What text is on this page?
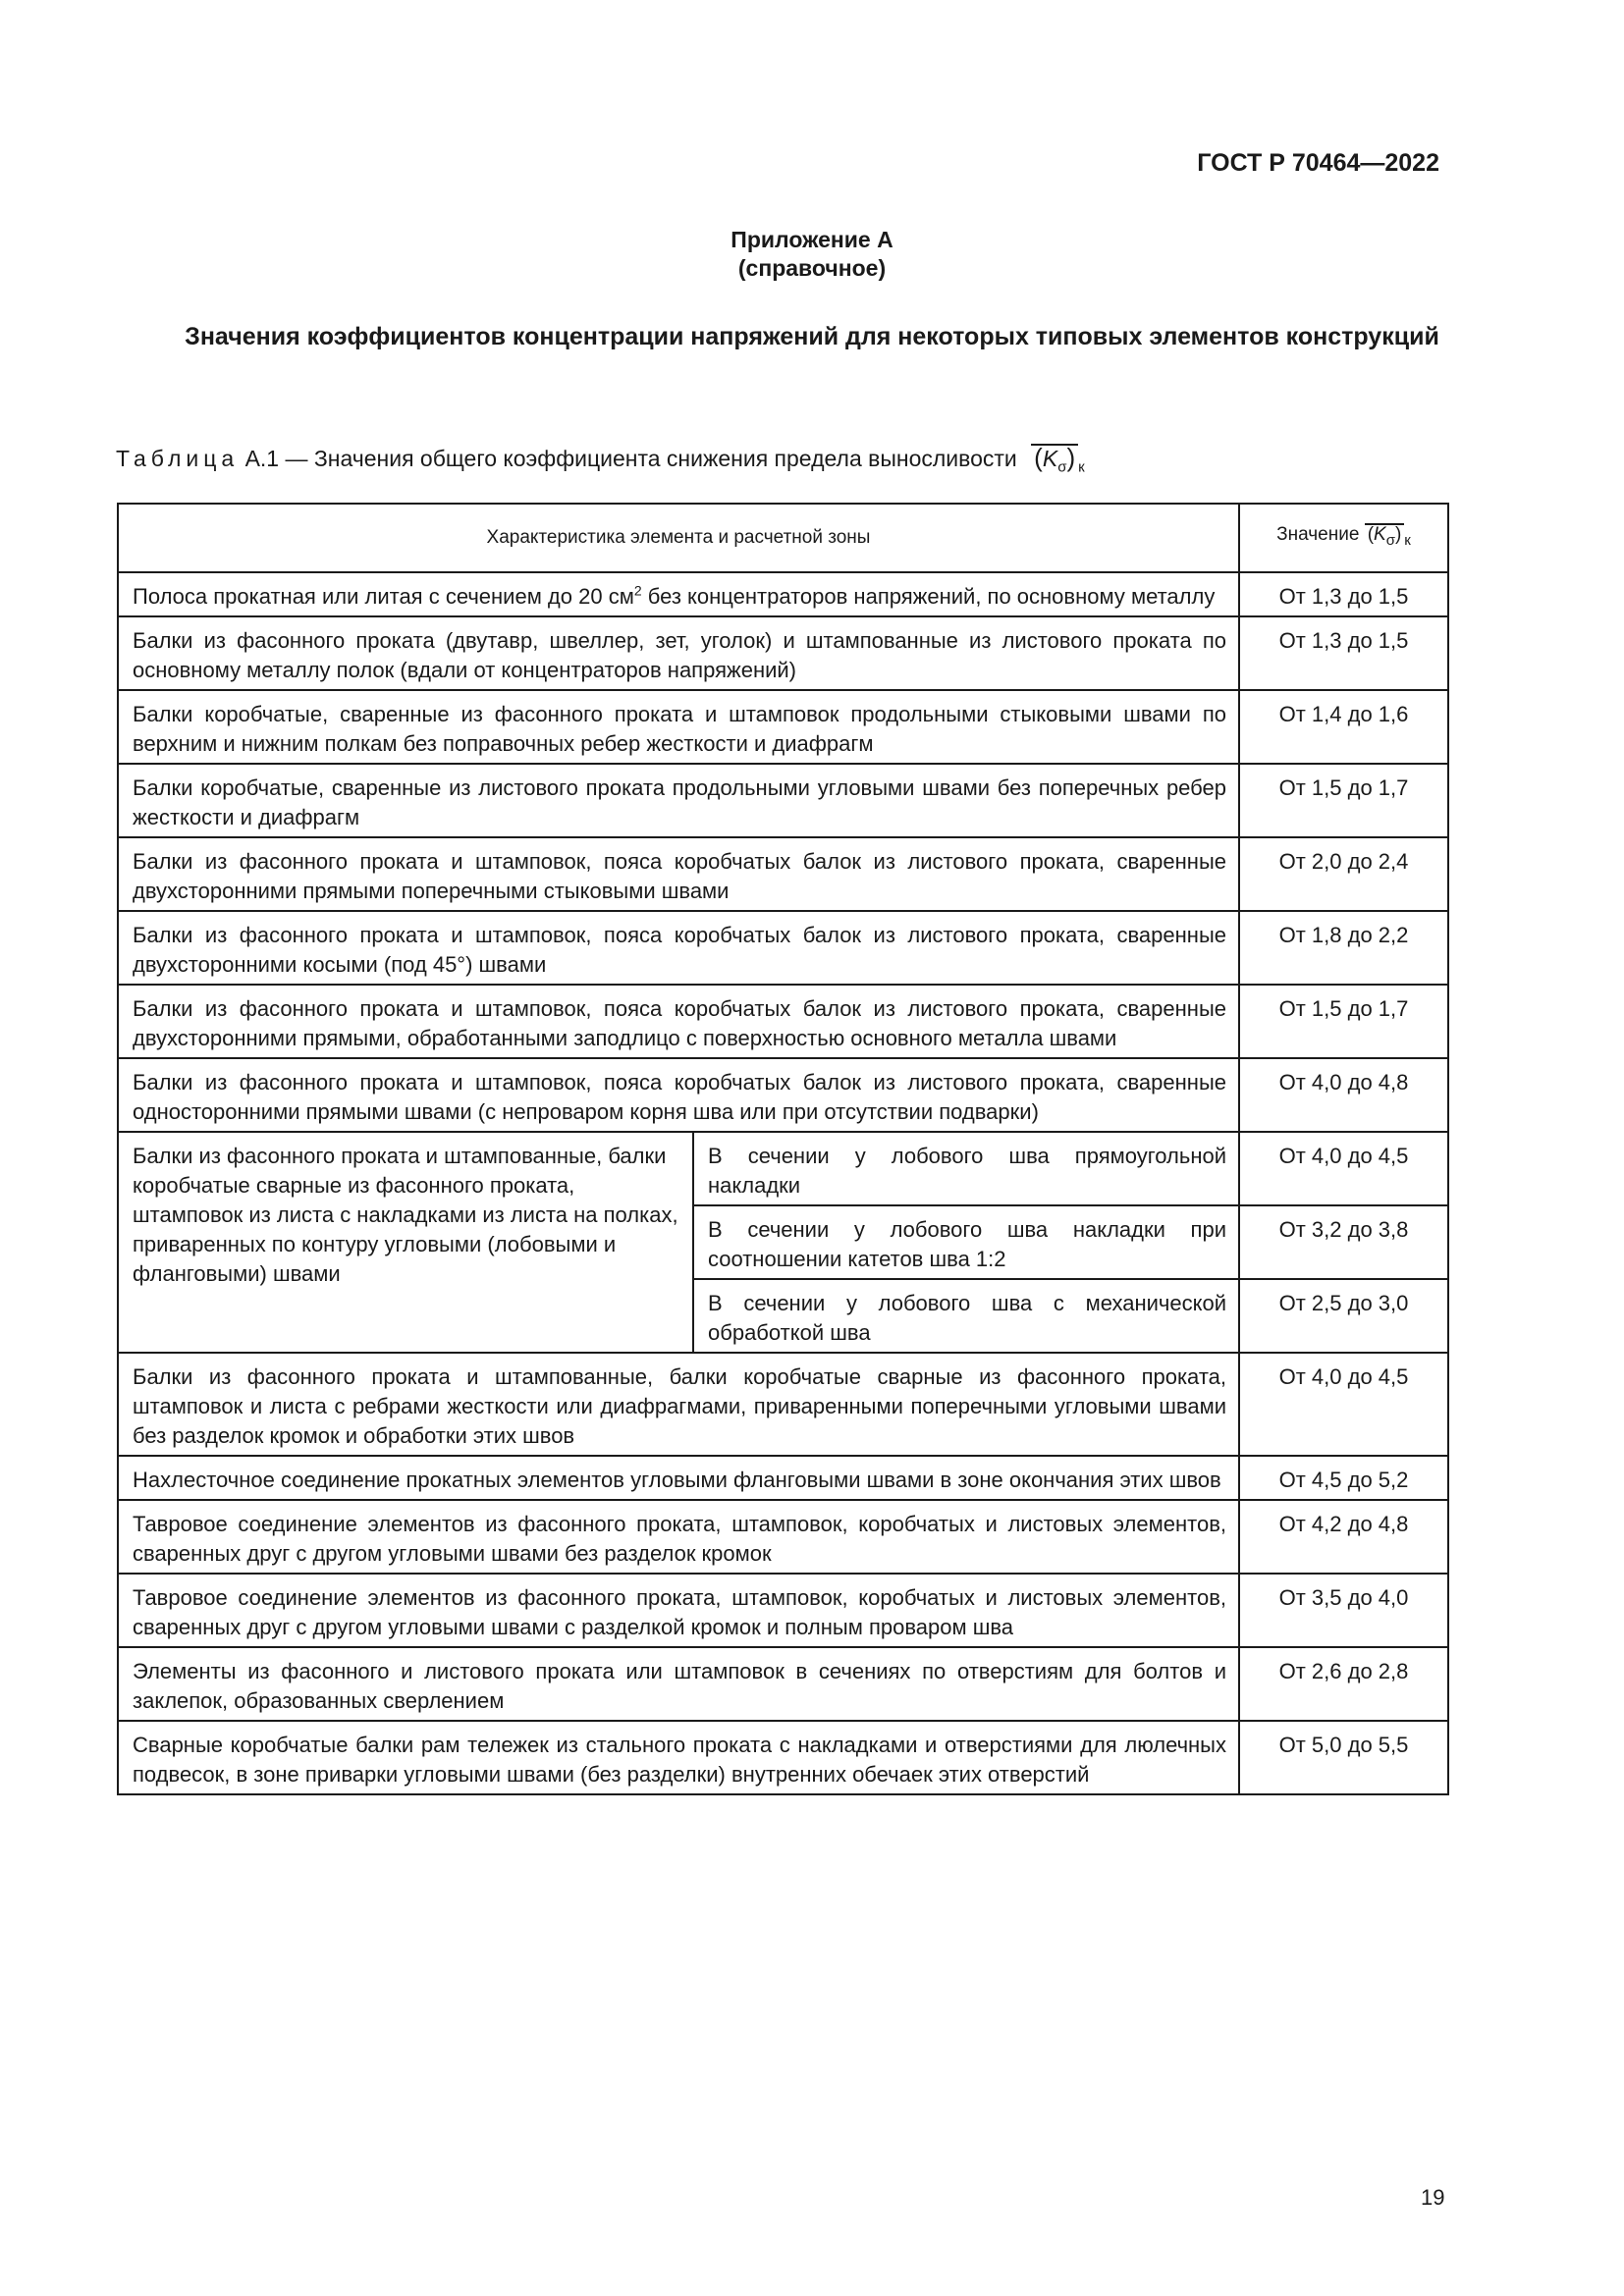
ГОСТ Р 70464—2022
Приложение А
(справочное)
Значения коэффициентов концентрации напряжений для некоторых типовых элементов конструкций
Таблица А.1 — Значения общего коэффициента снижения предела выносливости $(K_\sigma)$ $_к$
Характеристика элемента и расчетной зоны		Значение $(K_\sigma)$ $_к$
Полоса прокатная или литая с сечением до 20 $см^2$ без концентраторов напряжений, по основному металлу		От 1,3 до 1,5
Балки из фасонного проката (двутавр, швеллер, зет, уголок) и штампованные из листового проката по основному металлу полок (вдали от концентраторов напряжений)		От 1,3 до 1,5
Балки коробчатые, сваренные из фасонного проката и штамповок продольными стыковыми швами по верхним и нижним полкам без поправочных ребер жесткости и диафрагм		От 1,4 до 1,6
Балки коробчатые, сваренные из листового проката продольными угловыми швами без поперечных ребер жесткости и диафрагм		От 1,5 до 1,7
Балки из фасонного проката и штамповок, пояса коробчатых балок из листового проката, сваренные двухсторонними прямыми поперечными стыковыми швами		От 2,0 до 2,4
Балки из фасонного проката и штамповок, пояса коробчатых балок из листового проката, сваренные двухсторонними косыми (под 45°) швами		От 1,8 до 2,2
Балки из фасонного проката и штамповок, пояса коробчатых балок из листового проката, сваренные двухсторонними прямыми, обработанными заподлицо с поверхностью основного металла швами		От 1,5 до 1,7
Балки из фасонного проката и штамповок, пояса коробчатых балок из листового проката, сваренные односторонними прямыми швами (с непроваром корня шва или при отсутствии подварки)		От 4,0 до 4,8
Балки из фасонного проката и штампованные, балки коробчатые сварные из фасонного проката, штамповок из листа с накладками из листа на полках, приваренных по контуру угловыми (лобовыми и фланговыми) швами	В сечении у лобового шва прямоугольной накладки	От 4,0 до 4,5
	В сечении у лобового шва накладки при соотношении катетов шва 1:2	От 3,2 до 3,8
	В сечении у лобового шва с механической обработкой шва	От 2,5 до 3,0
Балки из фасонного проката и штампованные, балки коробчатые сварные из фасонного проката, штамповок и листа с ребрами жесткости или диафрагмами, приваренными поперечными угловыми швами без разделок кромок и обработки этих швов		От 4,0 до 4,5
Нахлесточное соединение прокатных элементов угловыми фланговыми швами в зоне окончания этих швов		От 4,5 до 5,2
Тавровое соединение элементов из фасонного проката, штамповок, коробчатых и листовых элементов, сваренных друг с другом угловыми швами без разделок кромок		От 4,2 до 4,8
Тавровое соединение элементов из фасонного проката, штамповок, коробчатых и листовых элементов, сваренных друг с другом угловыми швами с разделкой кромок и полным проваром шва		От 3,5 до 4,0
Элементы из фасонного и листового проката или штамповок в сечениях по отверстиям для болтов и заклепок, образованных сверлением		От 2,6 до 2,8
Сварные коробчатые балки рам тележек из стального проката с накладками и отверстиями для люлечных подвесок, в зоне приварки угловыми швами (без разделки) внутренних обечаек этих отверстий		От 5,0 до 5,5
19
